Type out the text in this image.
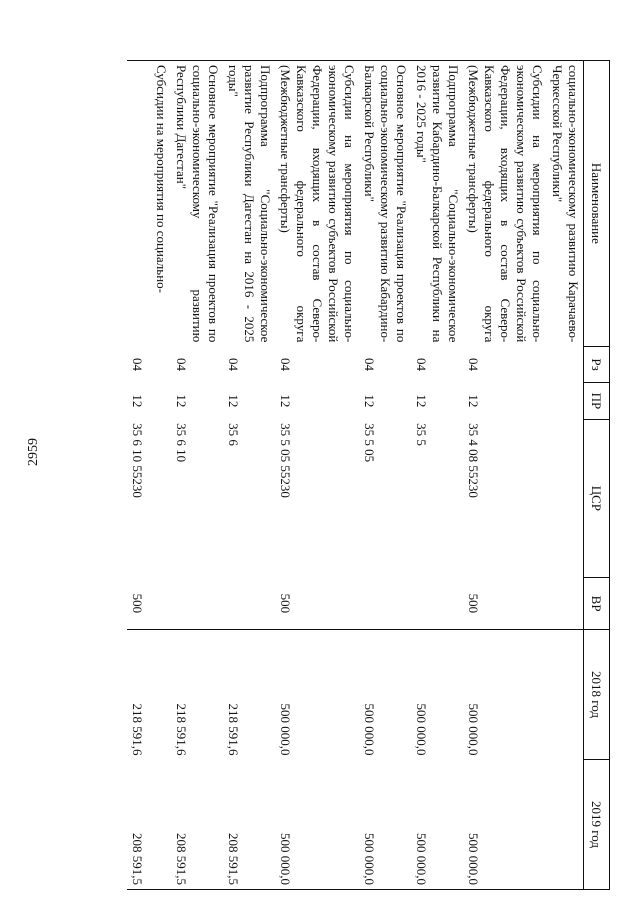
2959
Наименование	Рз	ПР	ЦСР	ВР	2018 год	2019 год
социально-экономическому развитию Карачаево-Черкесской Республики"						
Субсидии на мероприятия по социально-экономическому развитию субъектов Российской Федерации, входящих в состав Северо-Кавказского федерального округа (Межбюджетные трансферты)	04	12	35 4 08 55230	500	500 000,0	500 000,0
Подпрограмма "Социально-экономическое развитие Кабардино-Балкарской Республики на 2016 - 2025 годы"	04	12	35 5		500 000,0	500 000,0
Основное мероприятие "Реализация проектов по социально-экономическому развитию Кабардино-Балкарской Республики"	04	12	35 5 05		500 000,0	500 000,0
Субсидии на мероприятия по социально-экономическому развитию субъектов Российской Федерации, входящих в состав Северо-Кавказского федерального округа (Межбюджетные трансферты)	04	12	35 5 05 55230	500	500 000,0	500 000,0
Подпрограмма "Социально-экономическое развитие Республики Дагестан на 2016 - 2025 годы"	04	12	35 6		218 591,6	208 591,5
Основное мероприятие "Реализация проектов по социально-экономическому развитию Республики Дагестан"	04	12	35 6 10		218 591,6	208 591,5
Субсидии на мероприятия по социально-	04	12	35 6 10 55230	500	218 591,6	208 591,5
